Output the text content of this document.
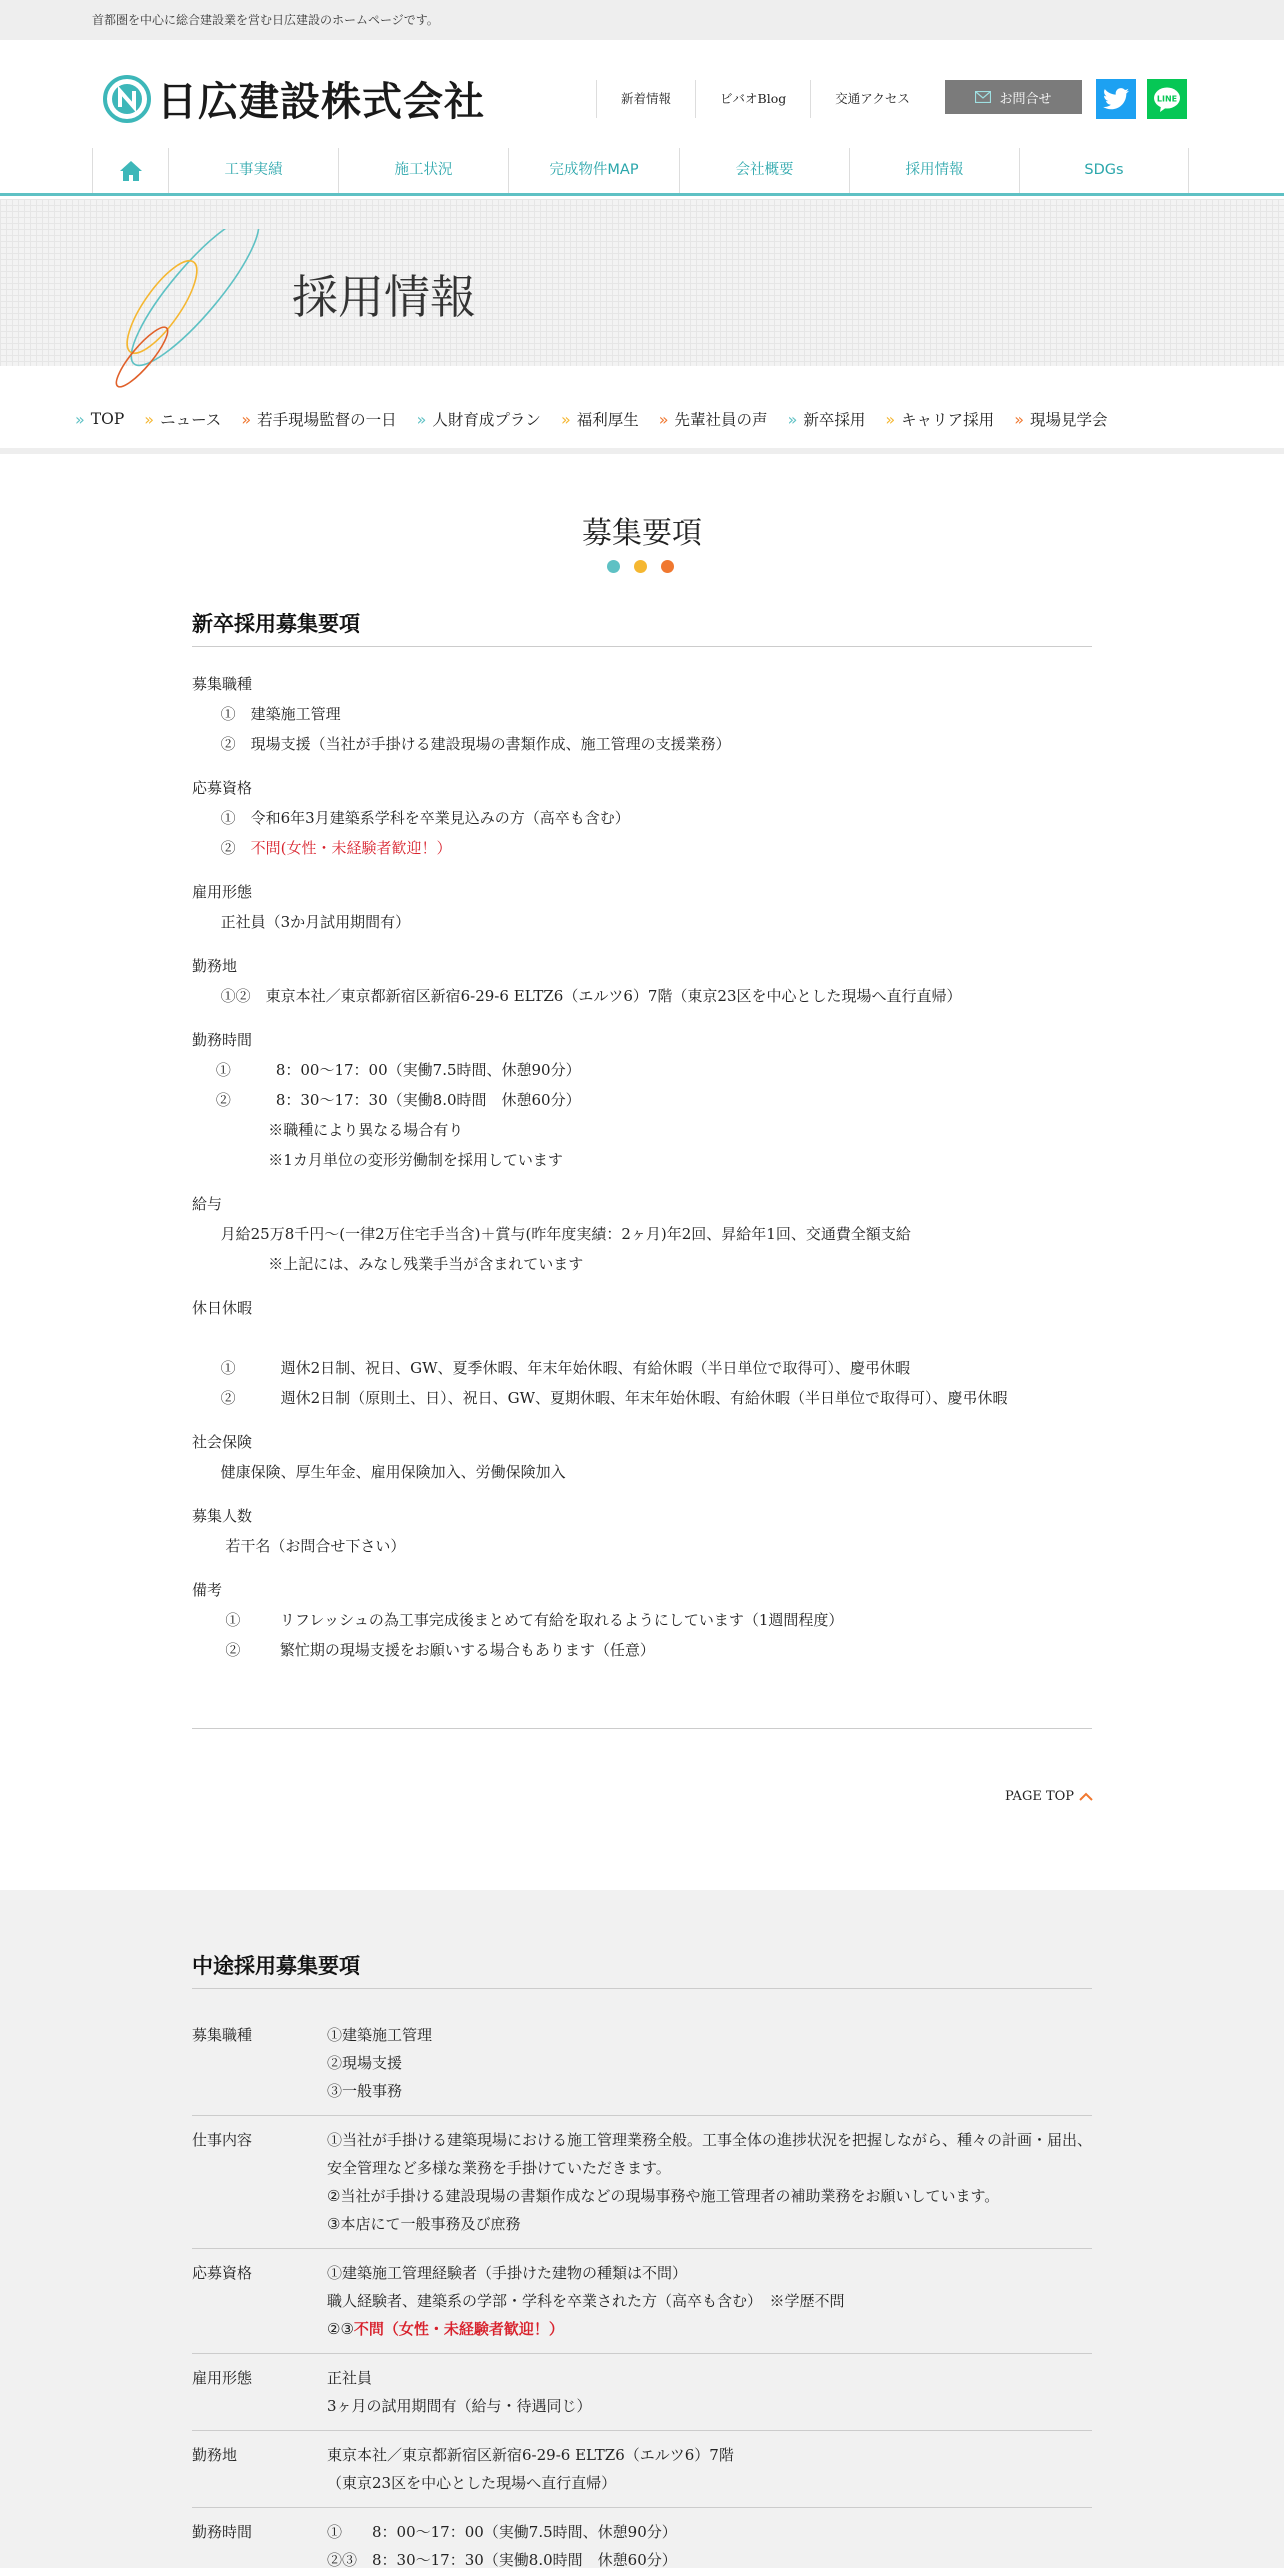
首都圏を中心に総合建設業を営む日広建設のホームページです。
日広建設株式会社	新着情報	ビバオBlog	交通アクセス	お問合せ	LINE
工事実績	施工状況	完成物件MAP	会社概要	採用情報	SDGs
採用情報
» TOP » ニュース » 若手現場監督の一日 » 人財育成プラン » 福利厚生 » 先輩社員の声 » 新卒採用 » キャリア採用 » 現場見学会
募集要項
新卒採用募集要項
募集職種
①　建築施工管理
②　現場支援（当社が手掛ける建設現場の書類作成、施工管理の支援業務）
応募資格
①　令和6年3月建築系学科を卒業見込みの方（高卒も含む）
②　不問(女性・未経験者歓迎！）
雇用形態
正社員（3か月試用期間有）
勤務地
①②　東京本社／東京都新宿区新宿6-29-6 ELTZ6（エルツ6）7階（東京23区を中心とした現場へ直行直帰）
勤務時間
①　　　8：00～17：00（実働7.5時間、休憩90分）
②　　　8：30～17：30（実働8.0時間　休憩60分）
※職種により異なる場合有り
※1カ月単位の変形労働制を採用しています
給与
月給25万8千円～(一律2万住宅手当含)＋賞与(昨年度実績：2ヶ月)年2回、昇給年1回、交通費全額支給
※上記には、みなし残業手当が含まれています
休日休暇

①　　　週休2日制、祝日、GW、夏季休暇、年末年始休暇、有給休暇（半日単位で取得可）、慶弔休暇
②　　　週休2日制（原則土、日）、祝日、GW、夏期休暇、年末年始休暇、有給休暇（半日単位で取得可）、慶弔休暇
社会保険
健康保険、厚生年金、雇用保険加入、労働保険加入
募集人数
若干名（お問合せ下さい）
備考
①　　  リフレッシュの為工事完成後まとめて有給を取れるようにしています（1週間程度）
②　　  繁忙期の現場支援をお願いする場合もあります（任意）
PAGE TOP
中途採用募集要項
募集職種	①建築施工管理
②現場支援
③一般事務
仕事内容	①当社が手掛ける建築現場における施工管理業務全般。工事全体の進捗状況を把握しながら、種々の計画・届出、安全管理など多様な業務を手掛けていただきます。
②当社が手掛ける建設現場の書類作成などの現場事務や施工管理者の補助業務をお願いしています。
③本店にて一般事務及び庶務
応募資格	①建築施工管理経験者（手掛けた建物の種類は不問）
職人経験者、建築系の学部・学科を卒業された方（高卒も含む）　※学歴不問
②③不問（女性・未経験者歓迎！）
雇用形態	正社員
3ヶ月の試用期間有（給与・待遇同じ）
勤務地	東京本社／東京都新宿区新宿6-29-6 ELTZ6（エルツ6）7階
（東京23区を中心とした現場へ直行直帰）
勤務時間	①　　8：00～17：00（実働7.5時間、休憩90分）
②③　8：30～17：30（実働8.0時間　休憩60分）
